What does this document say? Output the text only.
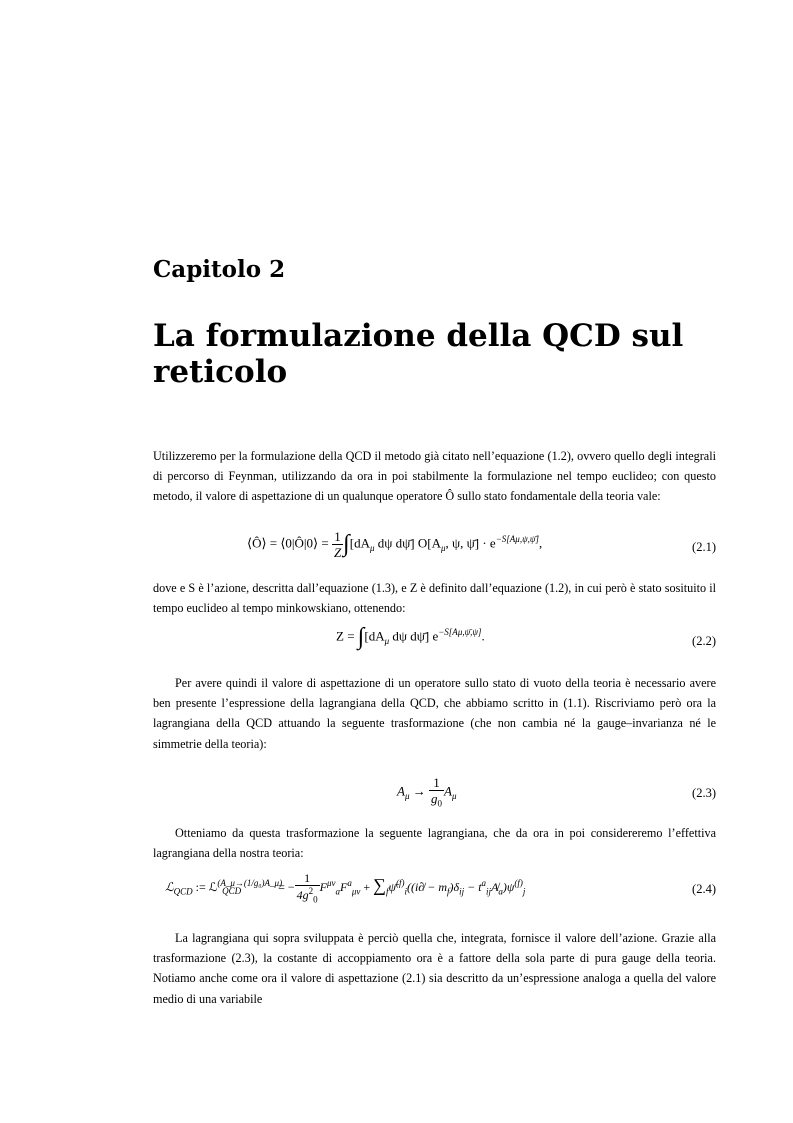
Capitolo 2
La formulazione della QCD sul reticolo
Utilizzeremo per la formulazione della QCD il metodo già citato nell’equazione (1.2), ovvero quello degli integrali di percorso di Feynman, utilizzando da ora in poi stabilmente la formulazione nel tempo euclideo; con questo metodo, il valore di aspettazione di un qualunque operatore Ô sullo stato fondamentale della teoria vale:
⟨Ô⟩ = ⟨0|Ô|0⟩ = $\frac{1}{Z} \int[dA_\mu$ dψ dψ̄] $O[A_\mu$, ψ, ψ̄] · $e^{-S[A\mu,\psi,\psī]}$,	(2.1)
dove e S è l’azione, descritta dall’equazione (1.3), e Z è definito dall’equazione (1.2), in cui però è stato sosituito il tempo euclideo al tempo minkowskiano, ottenendo:
$Z = \int[dA_\mu$ dψ dψ̄] $e^{-S[A\mu,\psī,\psi]}$.	(2.2)
Per avere quindi il valore di aspettazione di un operatore sullo stato di vuoto della teoria è necessario avere ben presente l’espressione della lagrangiana della QCD, che abbiamo scritto in (1.1). Riscriviamo però ora la lagrangiana della QCD attuando la seguente trasformazione (che non cambia né la gauge–invarianza né le simmetrie della teoria):
$A_\mu \to \frac{1}{g_0} A_\mu$	(2.3)
Otteniamo da questa trasformazione la seguente lagrangiana, che da ora in poi considereremo l’effettiva lagrangiana della nostra teoria:
ℒ$_{QCD}$ := ℒ$^{(A\_\mu\to(1/g_0)A\_\mu)}_{QCD}$	= − $\frac{1}{4g^2_0} F^{\mu\nu}_aF^a_{\mu\nu}$ + $\sum_f\psī^{(f)}_i((i\partial̸ - m_f)\delta_{ij}$ − $t^a_{ij}A̸_a)\psi^{(f)}_j$	(2.4)
La lagrangiana qui sopra sviluppata è perciò quella che, integrata, fornisce il valore dell’azione. Grazie alla trasformazione (2.3), la costante di accoppiamento ora è a fattore della sola parte di pura gauge della teoria. Notiamo anche come ora il valore di aspettazione (2.1) sia descritto da un’espressione analoga a quella del valore medio di una variabile
